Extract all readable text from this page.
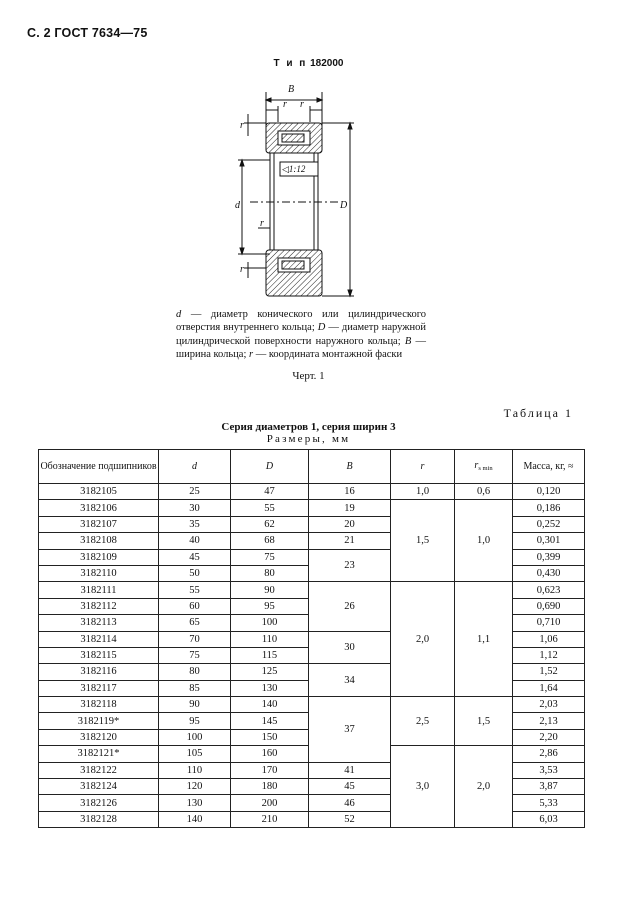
С. 2 ГОСТ 7634—75
Т и п 182000
B
r r
r
d
r
r
D
◁1:12
d — диаметр конического или цилиндрического отверстия внутреннего кольца; D — диаметр наружной цилиндрической поверхности наружного кольца; B — ширина кольца; r — координата монтажной фаски
Черт. 1
Таблица 1
Серия диаметров 1, серия ширин 3
Размеры, мм
Обозначение подшипников	d	D	B	r	$r_{s min}$	Масса, кг, ≈
3182105	25	47	16	1,0	0,6	0,120
3182106	30	55	19	1,5	1,0	0,186
3182107	35	62	20			0,252
3182108	40	68	21			0,301
3182109	45	75	23			0,399
3182110	50	80				0,430
3182111	55	90	26	2,0	1,1	0,623
3182112	60	95				0,690
3182113	65	100				0,710
3182114	70	110	30			1,06
3182115	75	115				1,12
3182116	80	125	34			1,52
3182117	85	130				1,64
3182118	90	140	37	2,5	1,5	2,03
3182119*	95	145				2,13
3182120	100	150				2,20
3182121*	105	160		3,0	2,0	2,86
3182122	110	170	41			3,53
3182124	120	180	45			3,87
3182126	130	200	46			5,33
3182128	140	210	52			6,03
